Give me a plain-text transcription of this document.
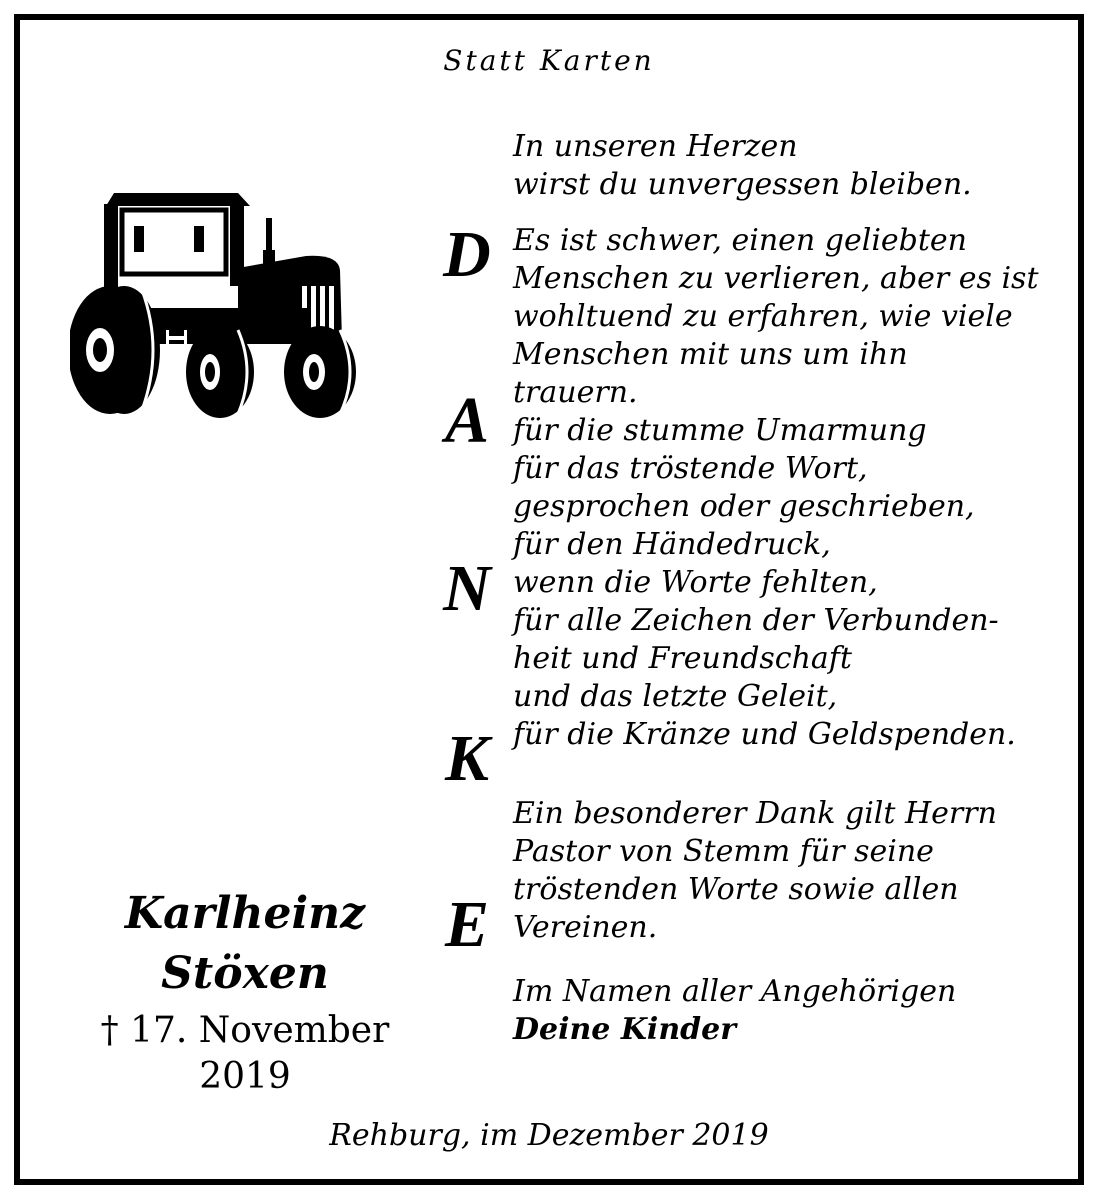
Statt Karten
Karlheinz
Stöxen
† 17. November 2019
D
A
N
K
E
In unseren Herzen
wirst du unvergessen bleiben.
Es ist schwer, einen geliebten
Menschen zu verlieren, aber es ist
wohltuend zu erfahren, wie viele
Menschen mit uns um ihn
trauern.
für die stumme Umarmung
für das tröstende Wort,
gesprochen oder geschrieben,
für den Händedruck,
wenn die Worte fehlten,
für alle Zeichen der Verbunden-
heit und Freundschaft
und das letzte Geleit,
für die Kränze und Geldspenden.
Ein besonderer Dank gilt Herrn
Pastor von Stemm für seine
tröstenden Worte sowie allen
Vereinen.
Im Namen aller Angehörigen
Deine Kinder
Rehburg, im Dezember 2019
